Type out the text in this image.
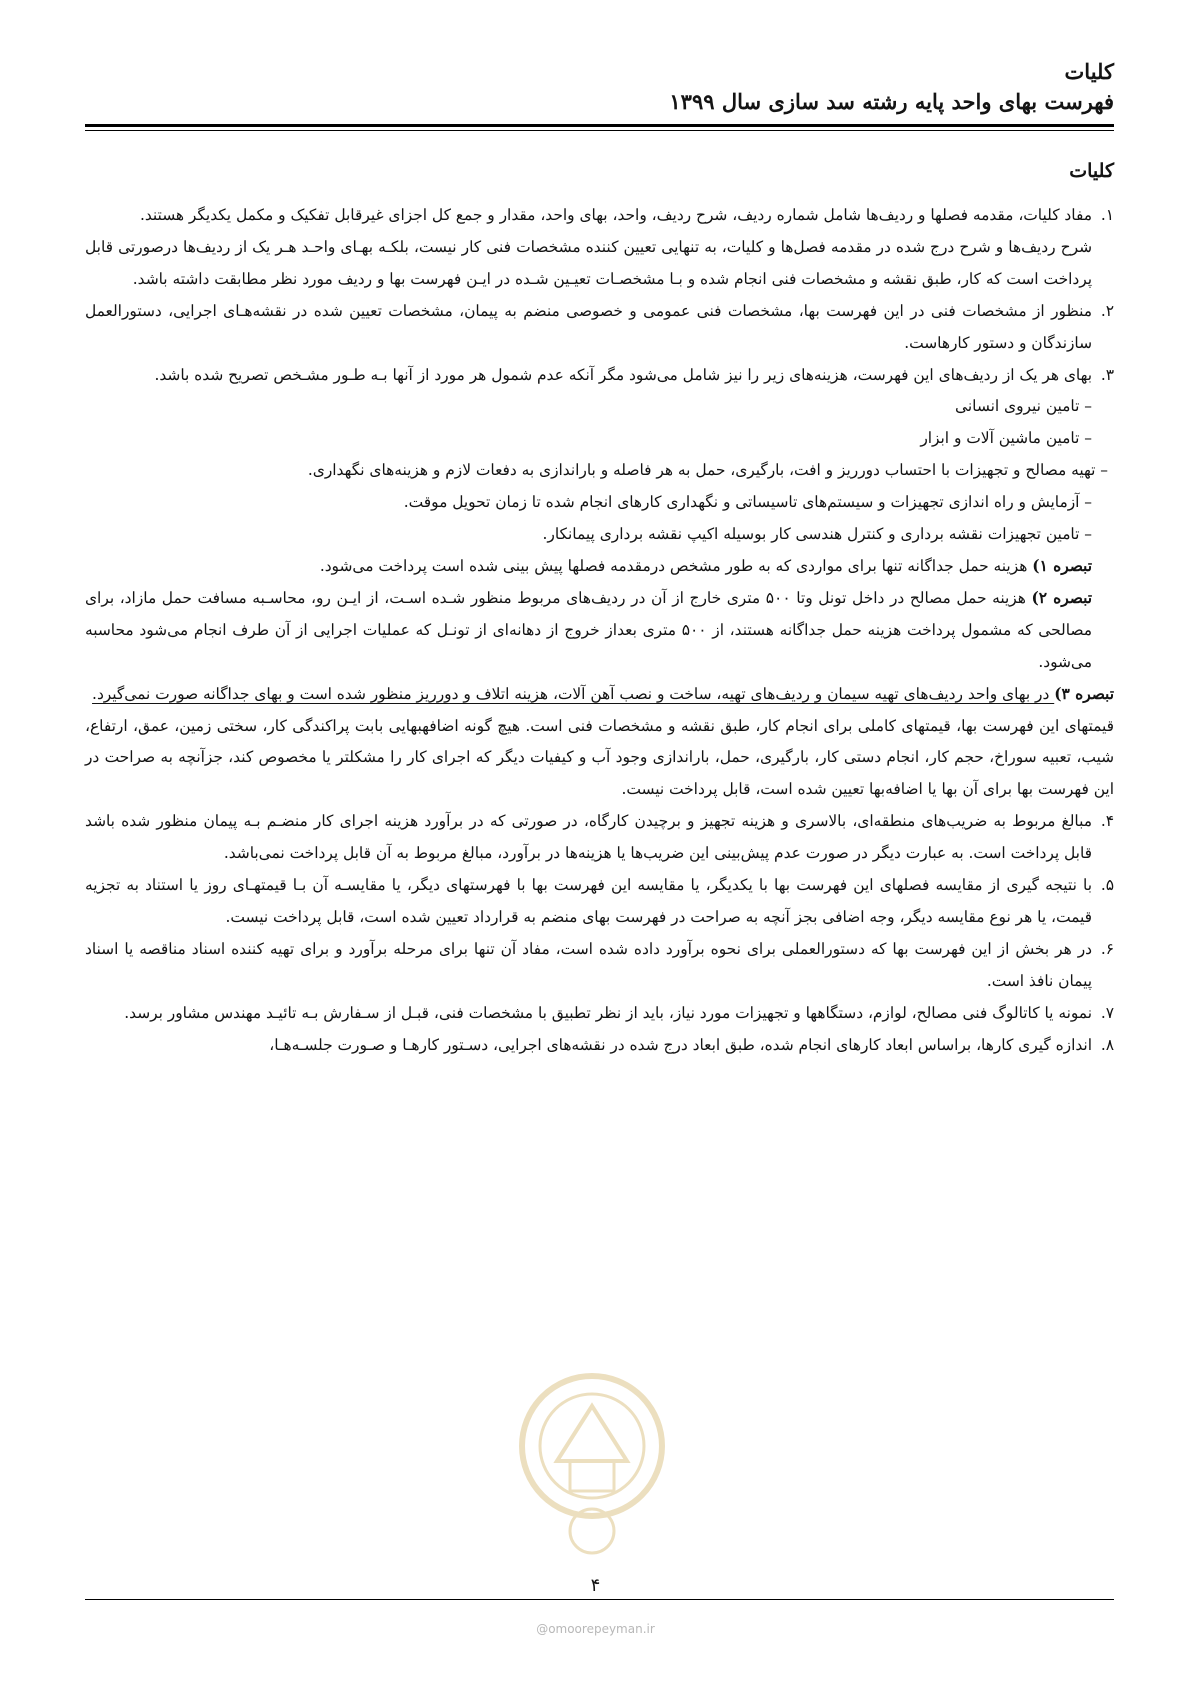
کلیات
فهرست بهای واحد پایه رشته سد سازی سال ۱۳۹۹
کلیات
۱.

مفاد کلیات، مقدمه فصلها و ردیف‌ها شامل شماره ردیف، شرح ردیف، واحد، بهای واحد، مقدار و جمع کل اجزای غیرقابل تفکیک و مکمل یکدیگر هستند.

شرح ردیف‌ها و شرح درج شده در مقدمه فصل‌ها و کلیات، به تنهایی تعیین کننده مشخصات فنی کار نیست، بلکـه بهـای واحـد هـر یک از ردیف‌ها درصورتی قابل پرداخت است که کار، طبق نقشه و مشخصات فنی انجام شده و بـا مشخصـات تعیـین شـده در ایـن فهرست بها و ردیف مورد نظر مطابقت داشته باشد.

۲.

منظور از مشخصات فنی در این فهرست بها، مشخصات فنی عمومی و خصوصی منضم به پیمان، مشخصات تعیین شده در نقشه‌هـای اجرایی، دستورالعمل سازندگان و دستور کارهاست.

۳.

بهای هر یک از ردیف‌های این فهرست، هزینه‌های زیر را نیز شامل می‌شود مگر آنکه عدم شمول هر مورد از آنها بـه طـور مشـخص تصریح شده باشد.

– تامین نیروی انسانی

– تامین ماشین آلات و ابزار

– تهیه مصالح و تجهیزات با احتساب دورریز و افت، بارگیری، حمل به هر فاصله و باراندازی به دفعات لازم و هزینه‌های نگهداری.

– آزمایش و راه اندازی تجهیزات و سیستم‌های تاسیساتی و نگهداری کارهای انجام شده تا زمان تحویل موقت.

– تامین تجهیزات نقشه برداری و کنترل هندسی کار بوسیله اکیپ نقشه برداری پیمانکار.

تبصره ۱) هزینه حمل جداگانه تنها برای مواردی که به طور مشخص درمقدمه فصلها پیش بینی شده است پرداخت می‌شود.

تبصره ۲) هزینه حمل مصالح در داخل تونل وتا ۵۰۰ متری خارج از آن در ردیف‌های مربوط منظور شـده اسـت، از ایـن رو، محاسـبه مسافت حمل مازاد، برای مصالحی که مشمول پرداخت هزینه حمل جداگانه هستند، از ۵۰۰ متری بعداز خروج از دهانه‌ای از تونـل که عملیات اجرایی از آن طرف انجام می‌شود محاسبه می‌شود.

تبصره ۳) در بهای واحد ردیف‌های تهیه سیمان و ردیف‌های تهیه، ساخت و نصب آهن آلات، هزینه اتلاف و دورریز منظور شده است و بهای جداگانه صورت نمی‌گیرد.

قیمتهای این فهرست بها، قیمتهای کاملی برای انجام کار، طبق نقشه و مشخصات فنی است. هیچ گونه اضافهبهایی بابت پراکندگی کار، سختی زمین، عمق، ارتفاع، شیب، تعبیه سوراخ، حجم کار، انجام دستی کار، بارگیری، حمل، باراندازی وجود آب و کیفیات دیگر که اجرای کار را مشکلتر یا مخصوص کند، جزآنچه به صراحت در این فهرست بها برای آن بها یا اضافه‌بها تعیین شده است، قابل پرداخت نیست.

۴.

مبالغ مربوط به ضریب‌های منطقه‌ای، بالاسری و هزینه تجهیز و برچیدن کارگاه، در صورتی که در برآورد هزینه اجرای کار منضـم بـه پیمان منظور شده باشد قابل پرداخت است. به عبارت دیگر در صورت عدم پیش‌بینی این ضریب‌ها یا هزینه‌ها در برآورد، مبالغ مربوط به آن قابل پرداخت نمی‌باشد.

۵.

با نتیجه گیری از مقایسه فصلهای این فهرست بها با یکدیگر، یا مقایسه این فهرست بها با فهرستهای دیگر، یا مقایسـه آن بـا قیمتهـای روز یا استناد به تجزیه قیمت، یا هر نوع مقایسه دیگر، وجه اضافی بجز آنچه به صراحت در فهرست بهای منضم به قرارداد تعیین شده است، قابل پرداخت نیست.

۶.

در هر بخش از این فهرست بها که دستورالعملی برای نحوه برآورد داده شده است، مفاد آن تنها برای مرحله برآورد و برای تهیه کننده اسناد مناقصه یا اسناد پیمان نافذ است.

۷.

نمونه یا کاتالوگ فنی مصالح، لوازم، دستگاهها و تجهیزات مورد نیاز، باید از نظر تطبیق با مشخصات فنی، قبـل از سـفارش بـه تائیـد مهندس مشاور برسد.

۸.

اندازه گیری کارها، براساس ابعاد کارهای انجام شده، طبق ابعاد درج شده در نقشه‌های اجرایی، دسـتور کارهـا و صـورت جلسـه‌هـا،

۴
@omoorepeyman.ir
